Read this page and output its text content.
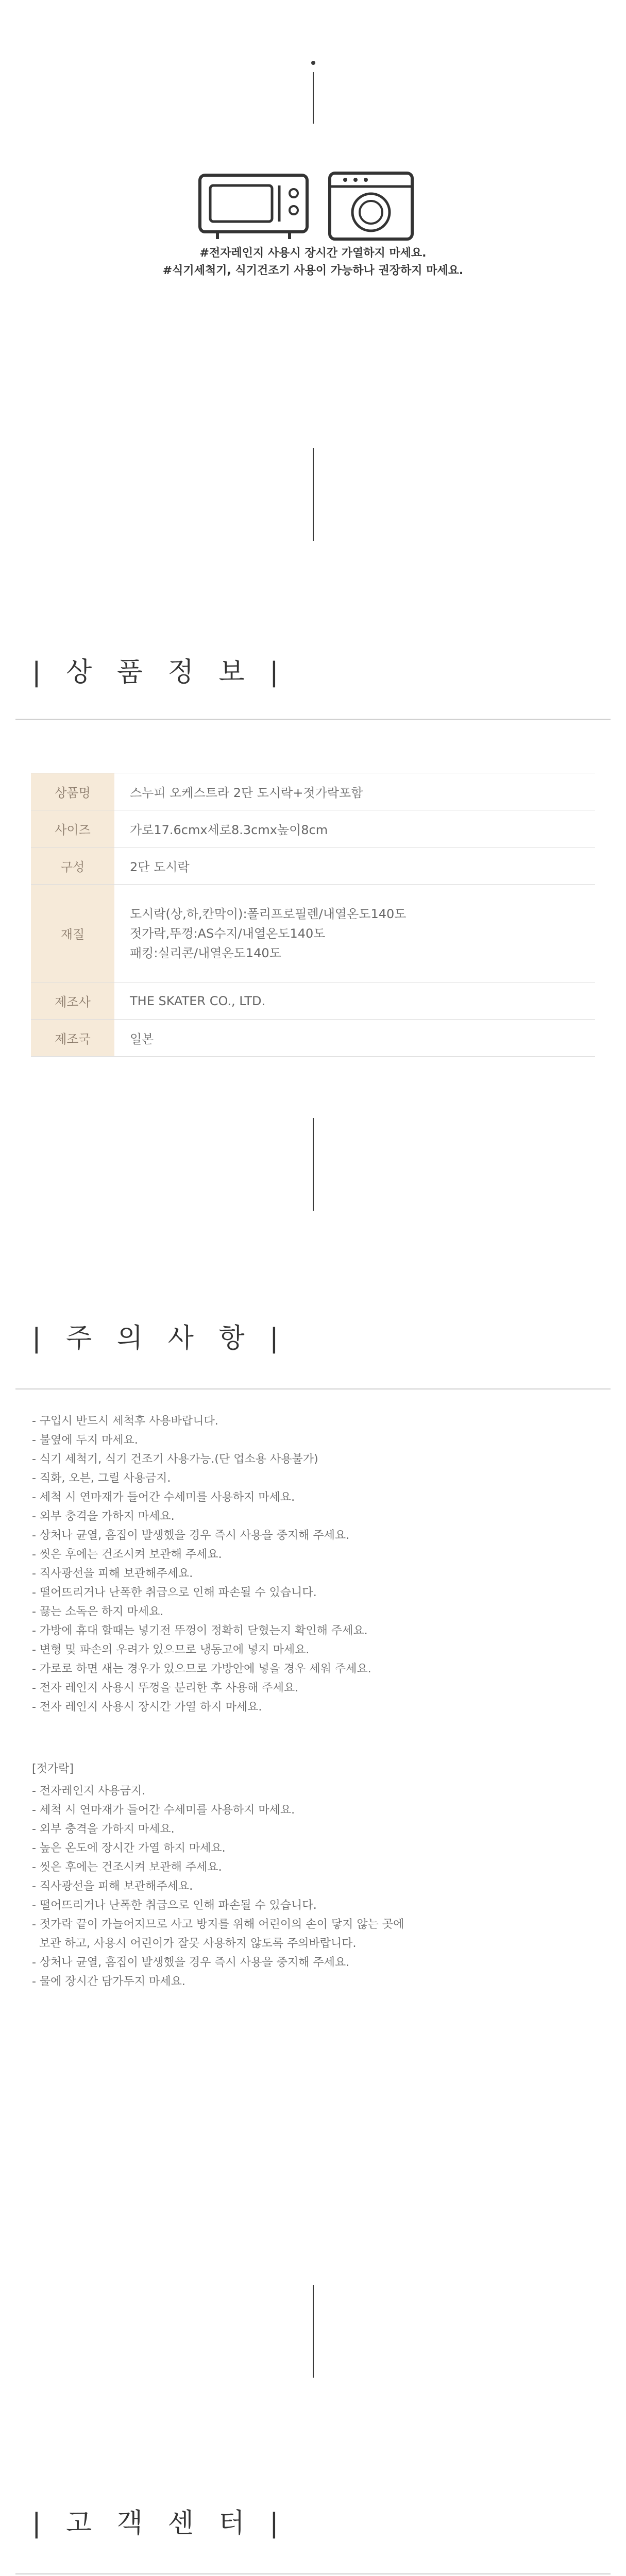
#전자레인지 사용시 장시간 가열하지 마세요.
#식기세척기, 식기건조기 사용이 가능하나 권장하지 마세요.
| 상 품 정 보 |
상품명	스누피 오케스트라 2단 도시락+젓가락포함
사이즈	가로17.6cmx세로8.3cmx높이8cm
구성	2단 도시락
재질	도시락(상,하,칸막이):폴리프로필렌/내열온도140도
젓가락,뚜껑:AS수지/내열온도140도
패킹:실리콘/내열온도140도

제조사	THE SKATER CO., LTD.
제조국	일본
| 주 의 사 항 |
- 구입시 반드시 세척후 사용바랍니다.
- 불옆에 두지 마세요.
- 식기 세척기, 식기 건조기 사용가능.(단 업소용 사용불가)
- 직화, 오븐, 그릴 사용금지.
- 세척 시 연마재가 들어간 수세미를 사용하지 마세요.
- 외부 충격을 가하지 마세요.
- 상처나 균열, 흠집이 발생했을 경우 즉시 사용을 중지해 주세요.
- 씻은 후에는 건조시켜 보관해 주세요.
- 직사광선을 피해 보관해주세요.
- 떨어뜨리거나 난폭한 취급으로 인해 파손될 수 있습니다.
- 끓는 소독은 하지 마세요.
- 가방에 휴대 할때는 넣기전 뚜껑이 정확히 닫혔는지 확인해 주세요.
- 변형 및 파손의 우려가 있으므로 냉동고에 넣지 마세요.
- 가로로 하면 새는 경우가 있으므로 가방안에 넣을 경우 세워 주세요.
- 전자 레인지 사용시 뚜껑을 분리한 후 사용해 주세요.
- 전자 레인지 사용시 장시간 가열 하지 마세요.
[젓가락]
- 전자레인지 사용금지.
- 세척 시 연마재가 들어간 수세미를 사용하지 마세요.
- 외부 충격을 가하지 마세요.
- 높은 온도에 장시간 가열 하지 마세요.
- 씻은 후에는 건조시켜 보관해 주세요.
- 직사광선을 피해 보관해주세요.
- 떨어뜨리거나 난폭한 취급으로 인해 파손될 수 있습니다.
- 젓가락 끝이 가늘어지므로 사고 방지를 위해 어린이의 손이 닿지 않는 곳에
보관 하고, 사용시 어린이가 잘못 사용하지 않도록 주의바랍니다.
- 상처나 균열, 흠집이 발생했을 경우 즉시 사용을 중지해 주세요.
- 물에 장시간 담가두지 마세요.
| 고 객 센 터 |
